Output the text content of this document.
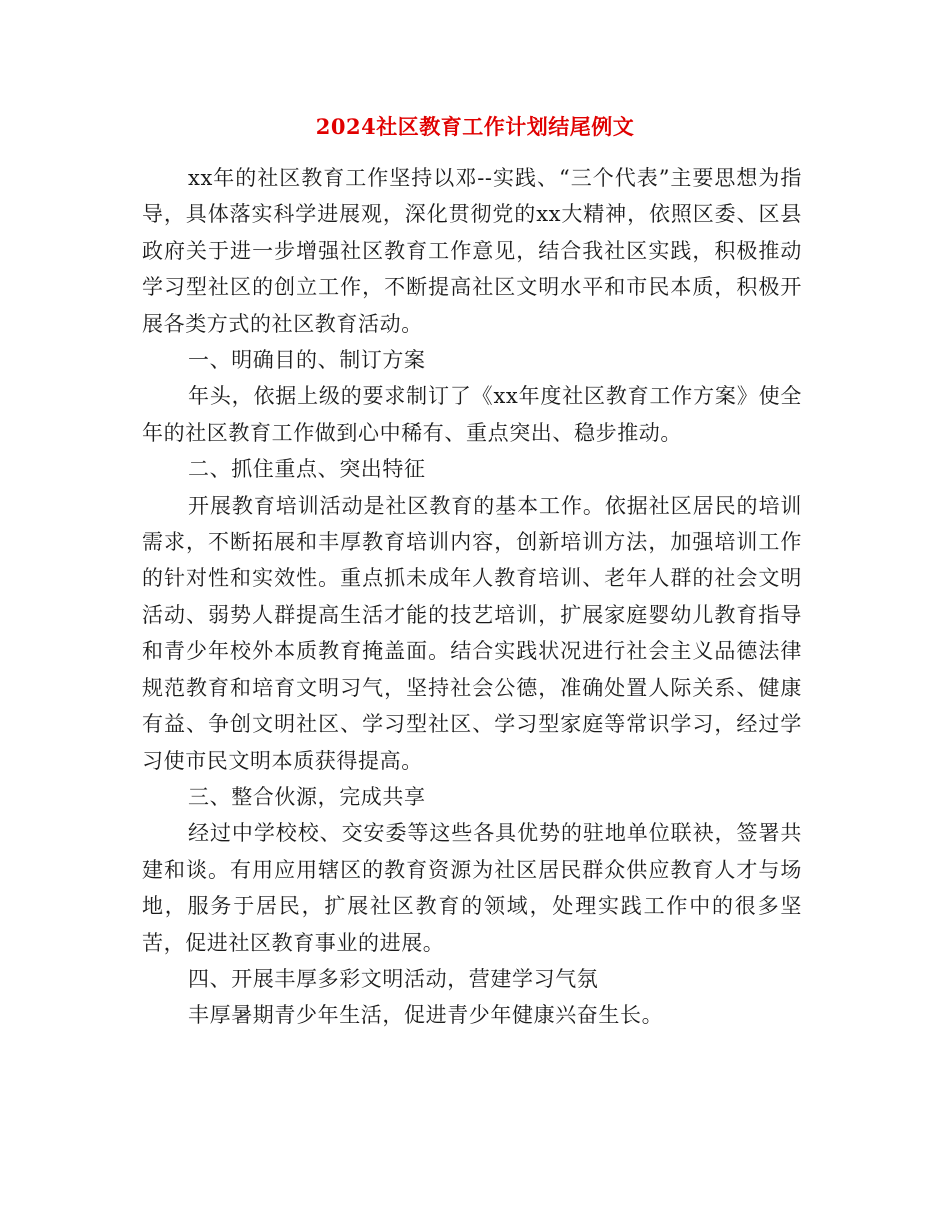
2024社区教育工作计划结尾例文

xx年的社区教育工作坚持以邓--实践、“三个代表”主要思想为指导，具体落实科学进展观，深化贯彻党的xx大精神，依照区委、区县政府关于进一步增强社区教育工作意见，结合我社区实践，积极推动学习型社区的创立工作，不断提高社区文明水平和市民本质，积极开展各类方式的社区教育活动。

一、明确目的、制订方案

年头，依据上级的要求制订了《xx年度社区教育工作方案》使全年的社区教育工作做到心中稀有、重点突出、稳步推动。

二、抓住重点、突出特征

开展教育培训活动是社区教育的基本工作。依据社区居民的培训需求，不断拓展和丰厚教育培训内容，创新培训方法，加强培训工作的针对性和实效性。重点抓未成年人教育培训、老年人群的社会文明活动、弱势人群提高生活才能的技艺培训，扩展家庭婴幼儿教育指导和青少年校外本质教育掩盖面。结合实践状况进行社会主义品德法律规范教育和培育文明习气，坚持社会公德，准确处置人际关系、健康有益、争创文明社区、学习型社区、学习型家庭等常识学习，经过学习使市民文明本质获得提高。

三、整合伙源，完成共享

经过中学校校、交安委等这些各具优势的驻地单位联袂，签署共建和谈。有用应用辖区的教育资源为社区居民群众供应教育人才与场地，服务于居民，扩展社区教育的领域，处理实践工作中的很多坚苦，促进社区教育事业的进展。

四、开展丰厚多彩文明活动，营建学习气氛

丰厚暑期青少年生活，促进青少年健康兴奋生长。
